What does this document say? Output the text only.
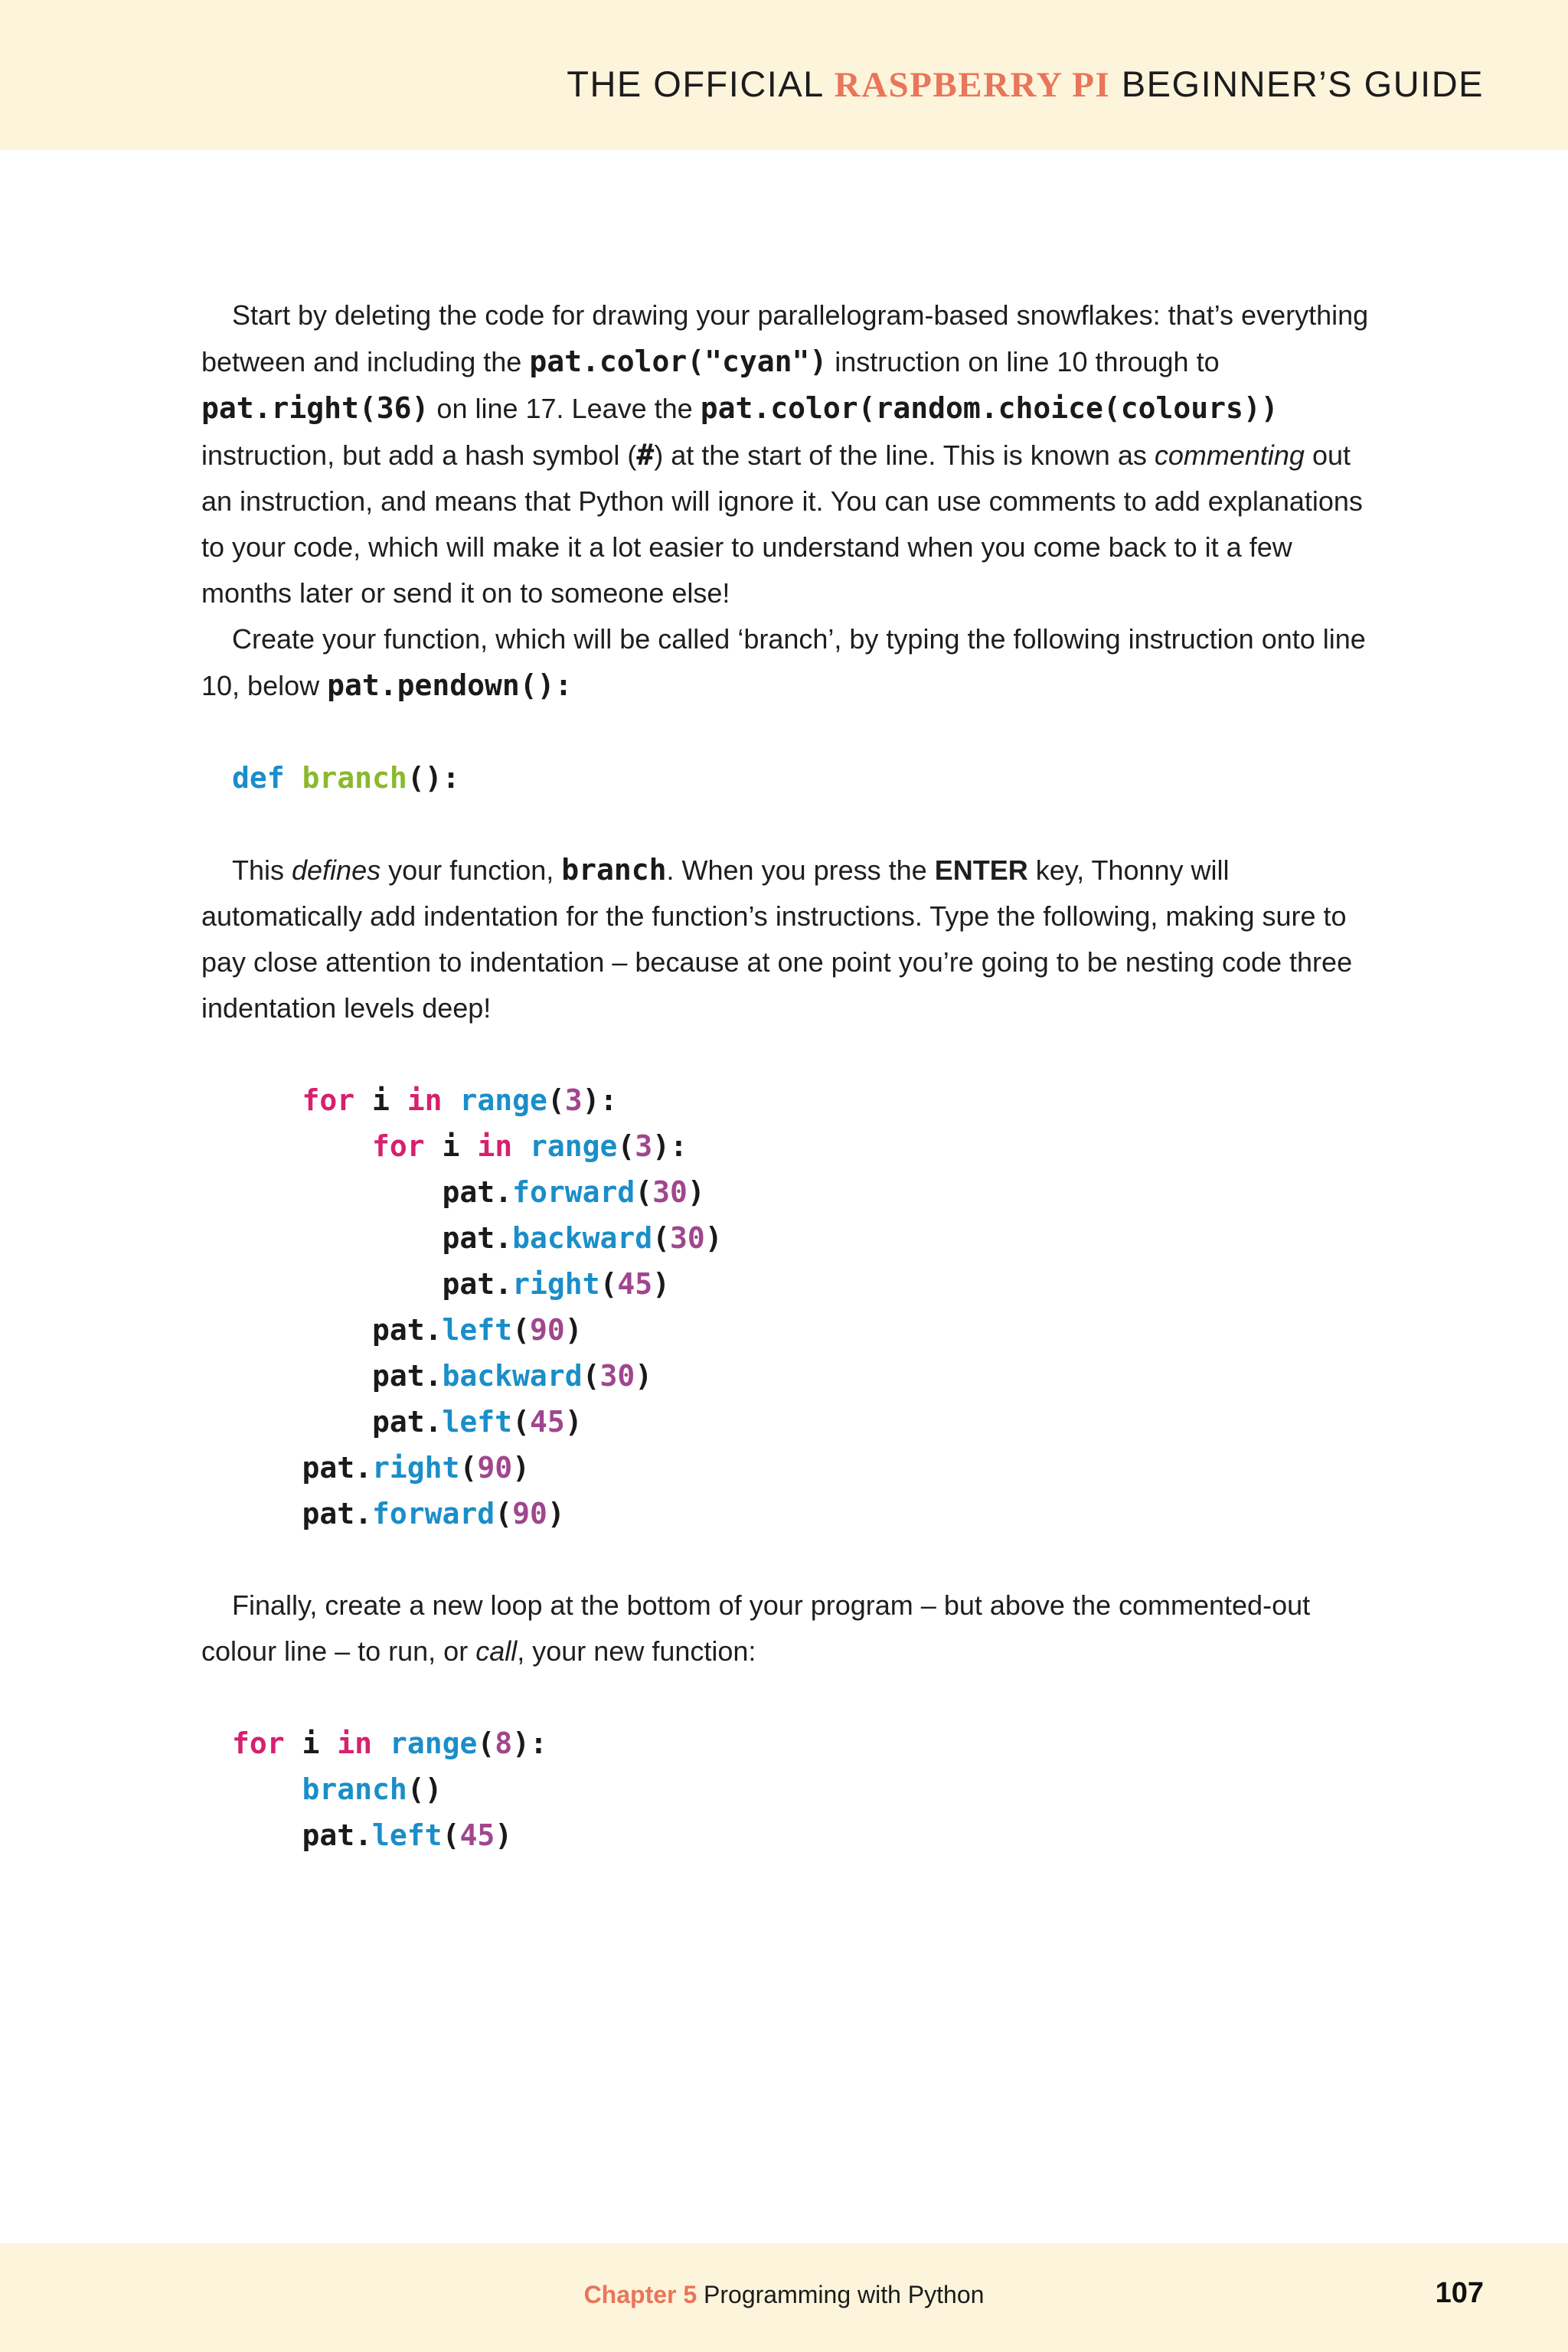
THE OFFICIAL RASPBERRY PI BEGINNER’S GUIDE

Start by deleting the code for drawing your parallelogram-based snowflakes: that’s everything between and including the pat.color("cyan") instruction on line 10 through to pat.right(36) on line 17. Leave the pat.color(random.choice(colours)) instruction, but add a hash symbol (#) at the start of the line. This is known as commenting out an instruction, and means that Python will ignore it. You can use comments to add explanations to your code, which will make it a lot easier to understand when you come back to it a few months later or send it on to someone else!

Create your function, which will be called ‘branch’, by typing the following instruction onto line 10, below pat.pendown():

def branch():

This defines your function, branch. When you press the ENTER key, Thonny will automatically add indentation for the function’s instructions. Type the following, making sure to pay close attention to indentation – because at one point you’re going to be nesting code three indentation levels deep!

for i in range(3):
for i in range(3):
pat.forward(30)
pat.backward(30)
pat.right(45)
pat.left(90)
pat.backward(30)
pat.left(45)
pat.right(90)
pat.forward(90)

Finally, create a new loop at the bottom of your program – but above the commented-out colour line – to run, or call, your new function:

for i in range(8):
branch()
pat.left(45)
Chapter 5 Programming with Python	107
